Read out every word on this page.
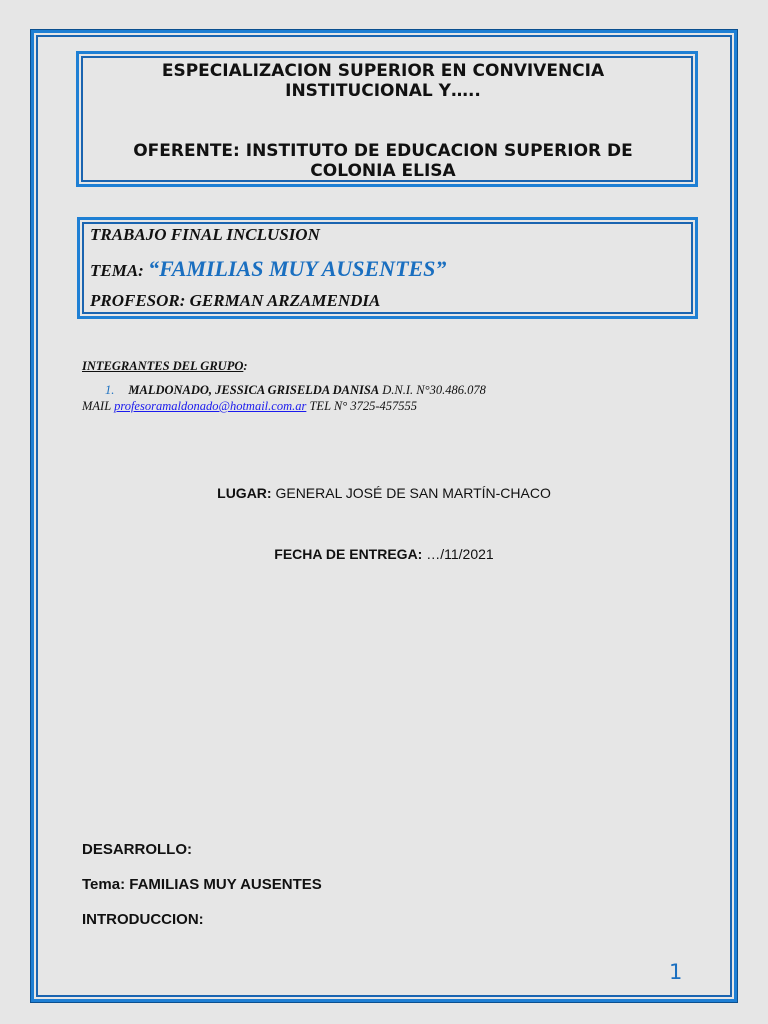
ESPECIALIZACION SUPERIOR EN CONVIVENCIA
INSTITUCIONAL Y…..
OFERENTE: INSTITUTO DE EDUCACION SUPERIOR DE
COLONIA ELISA
TRABAJO FINAL INCLUSION
TEMA: “FAMILIAS MUY AUSENTES”
PROFESOR: GERMAN ARZAMENDIA
INTEGRANTES DEL GRUPO:
1. MALDONADO, JESSICA GRISELDA DANISA D.N.I. N°30.486.078
MAIL profesoramaldonado@hotmail.com.ar TEL N° 3725-457555
LUGAR: GENERAL JOSÉ DE SAN MARTÍN-CHACO
FECHA DE ENTREGA: …/11/2021
DESARROLLO:
Tema: FAMILIAS MUY AUSENTES
INTRODUCCION:
1
